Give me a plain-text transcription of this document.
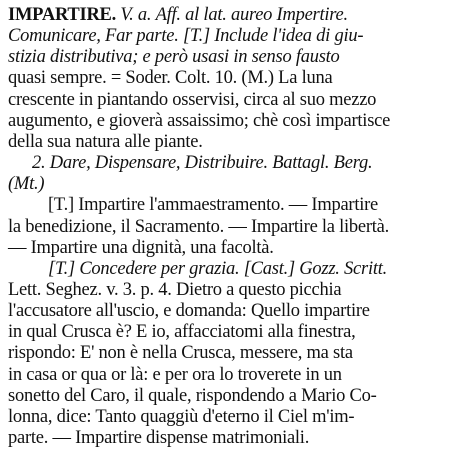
IMPARTIRE. V. a. Aff. al lat. aureo Impertire.
Comunicare, Far parte. [T.] Include l'idea di giu-
stizia distributiva; e però usasi in senso fausto
quasi sempre. = Soder. Colt. 10. (M.) La luna
crescente in piantando osservisi, circa al suo mezzo
augumento, e gioverà assaissimo; chè così impartisce
della sua natura alle piante.
2. Dare, Dispensare, Distribuire. Battagl. Berg.
(Mt.)
[T.] Impartire l'ammaestramento. — Impartire
la benedizione, il Sacramento. — Impartire la libertà.
— Impartire una dignità, una facoltà.
[T.] Concedere per grazia. [Cast.] Gozz. Scritt.
Lett. Seghez. v. 3. p. 4. Dietro a questo picchia
l'accusatore all'uscio, e domanda: Quello impartire
in qual Crusca è? E io, affacciatomi alla finestra,
rispondo: E' non è nella Crusca, messere, ma sta
in casa or qua or là: e per ora lo troverete in un
sonetto del Caro, il quale, rispondendo a Mario Co-
lonna, dice: Tanto quaggiù d'eterno il Ciel m'im-
parte. — Impartire dispense matrimoniali.
